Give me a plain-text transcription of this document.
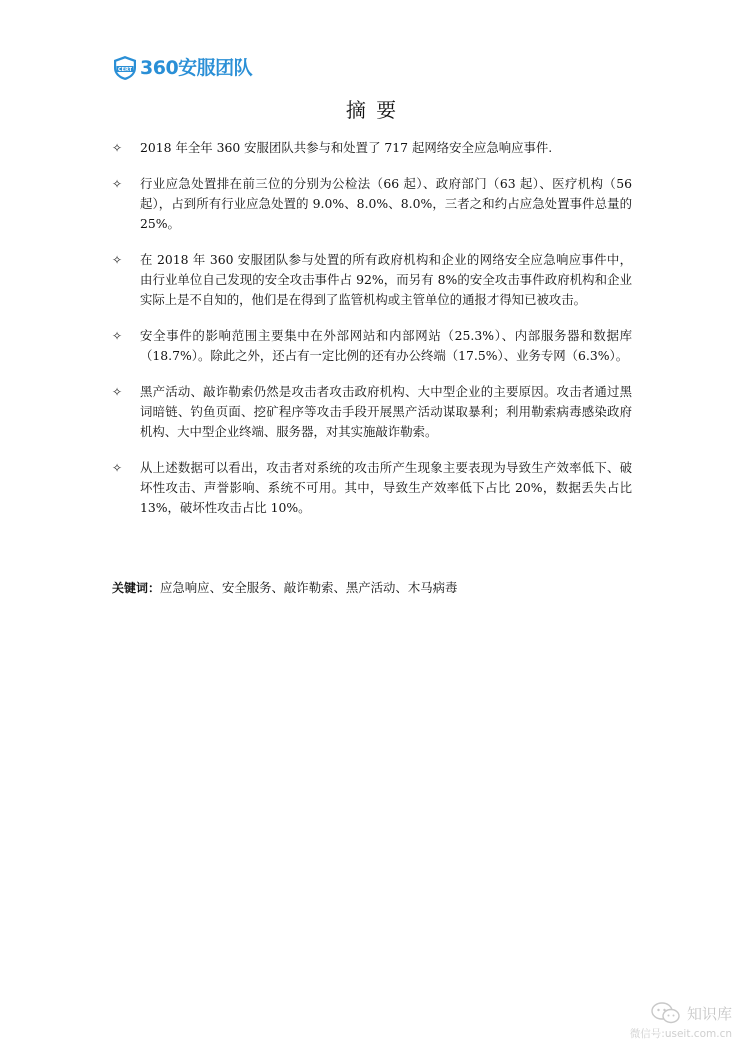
CERT 360安服团队
摘 要
✧	2018 年全年 360 安服团队共参与和处置了 717 起网络安全应急响应事件.
✧	行业应急处置排在前三位的分别为公检法（66 起）、政府部门（63 起）、医疗机构（56 起），占到所有行业应急处置的 9.0%、8.0%、8.0%，三者之和约占应急处置事件总量的 25%。
✧	在 2018 年 360 安服团队参与处置的所有政府机构和企业的网络安全应急响应事件中，由行业单位自己发现的安全攻击事件占 92%，而另有 8%的安全攻击事件政府机构和企业实际上是不自知的，他们是在得到了监管机构或主管单位的通报才得知已被攻击。
✧	安全事件的影响范围主要集中在外部网站和内部网站（25.3%）、内部服务器和数据库（18.7%）。除此之外，还占有一定比例的还有办公终端（17.5%）、业务专网（6.3%）。
✧	黑产活动、敲诈勒索仍然是攻击者攻击政府机构、大中型企业的主要原因。攻击者通过黑词暗链、钓鱼页面、挖矿程序等攻击手段开展黑产活动谋取暴利；利用勒索病毒感染政府机构、大中型企业终端、服务器，对其实施敲诈勒索。
✧	从上述数据可以看出，攻击者对系统的攻击所产生现象主要表现为导致生产效率低下、破坏性攻击、声誉影响、系统不可用。其中，导致生产效率低下占比 20%，数据丢失占比 13%，破坏性攻击占比 10%。
关键词：应急响应、安全服务、敲诈勒索、黑产活动、木马病毒
知识库
微信号:useit.com.cn
